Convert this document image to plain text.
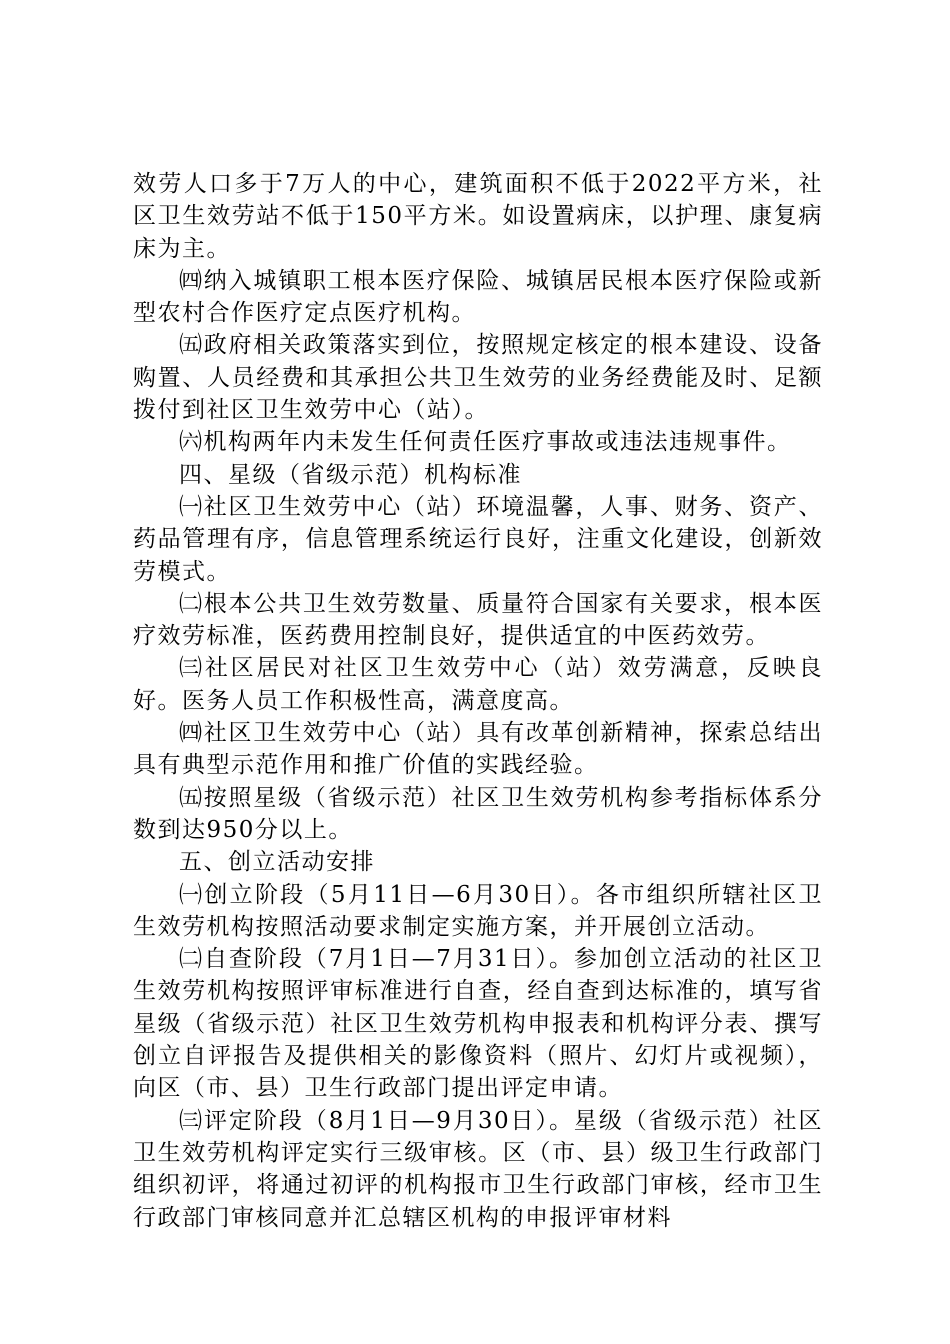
效劳人口多于7万人的中心，建筑面积不低于2022平方米，社区卫生效劳站不低于150平方米。如设置病床，以护理、康复病床为主。

㈣纳入城镇职工根本医疗保险、城镇居民根本医疗保险或新型农村合作医疗定点医疗机构。

㈤政府相关政策落实到位，按照规定核定的根本建设、设备购置、人员经费和其承担公共卫生效劳的业务经费能及时、足额拨付到社区卫生效劳中心（站）。

㈥机构两年内未发生任何责任医疗事故或违法违规事件。

四、星级（省级示范）机构标准

㈠社区卫生效劳中心（站）环境温馨，人事、财务、资产、药品管理有序，信息管理系统运行良好，注重文化建设，创新效劳模式。

㈡根本公共卫生效劳数量、质量符合国家有关要求，根本医疗效劳标准，医药费用控制良好，提供适宜的中医药效劳。

㈢社区居民对社区卫生效劳中心（站）效劳满意，反映良好。医务人员工作积极性高，满意度高。

㈣社区卫生效劳中心（站）具有改革创新精神，探索总结出具有典型示范作用和推广价值的实践经验。

㈤按照星级（省级示范）社区卫生效劳机构参考指标体系分数到达950分以上。

五、创立活动安排

㈠创立阶段（5月11日—6月30日）。各市组织所辖社区卫生效劳机构按照活动要求制定实施方案，并开展创立活动。

㈡自查阶段（7月1日—7月31日）。参加创立活动的社区卫生效劳机构按照评审标准进行自查，经自查到达标准的，填写省星级（省级示范）社区卫生效劳机构申报表和机构评分表、撰写创立自评报告及提供相关的影像资料（照片、幻灯片或视频），向区（市、县）卫生行政部门提出评定申请。

㈢评定阶段（8月1日—9月30日）。星级（省级示范）社区卫生效劳机构评定实行三级审核。区（市、县）级卫生行政部门组织初评，将通过初评的机构报市卫生行政部门审核，经市卫生行政部门审核同意并汇总辖区机构的申报评审材料
